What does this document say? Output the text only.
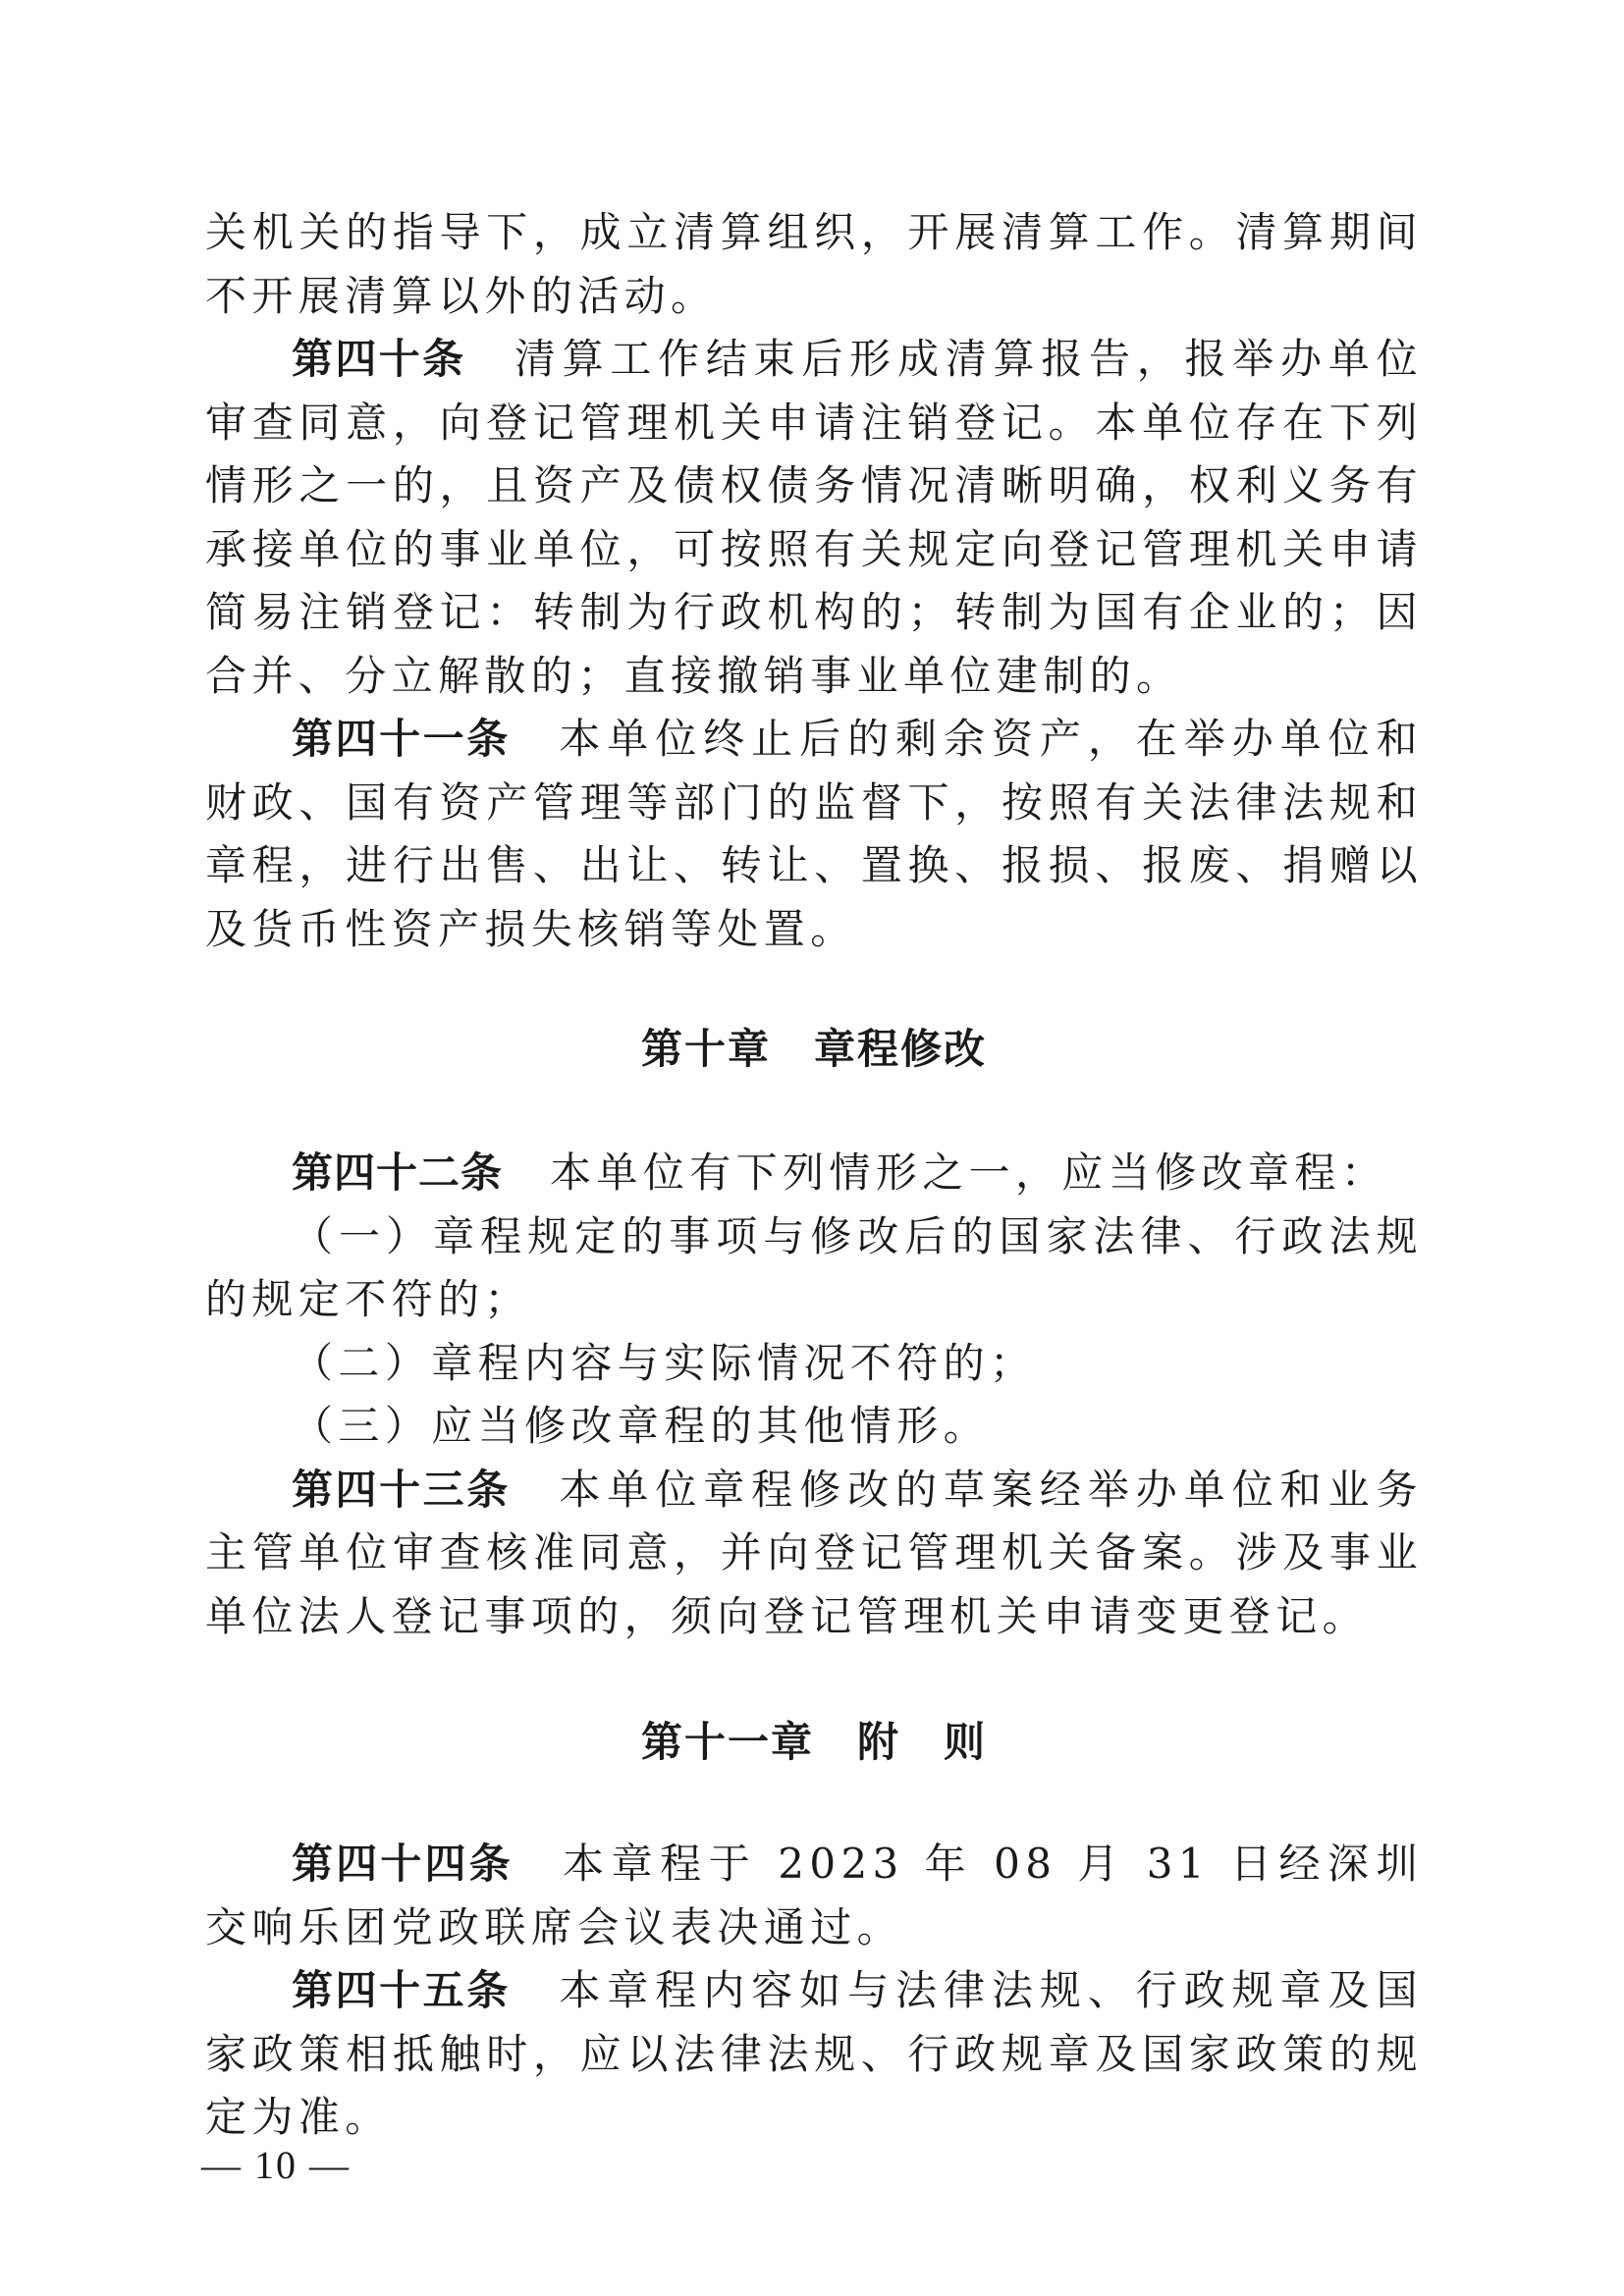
关机关的指导下，成立清算组织，开展清算工作。清算期间不开展清算以外的活动。

第四十条 清算工作结束后形成清算报告，报举办单位审查同意，向登记管理机关申请注销登记。本单位存在下列情形之一的，且资产及债权债务情况清晰明确，权利义务有承接单位的事业单位，可按照有关规定向登记管理机关申请简易注销登记：转制为行政机构的；转制为国有企业的；因合并、分立解散的；直接撤销事业单位建制的。

第四十一条 本单位终止后的剩余资产，在举办单位和财政、国有资产管理等部门的监督下，按照有关法律法规和章程，进行出售、出让、转让、置换、报损、报废、捐赠以及货币性资产损失核销等处置。

第十章　章程修改

第四十二条 本单位有下列情形之一，应当修改章程：

（一）章程规定的事项与修改后的国家法律、行政法规的规定不符的；

（二）章程内容与实际情况不符的；

（三）应当修改章程的其他情形。

第四十三条 本单位章程修改的草案经举办单位和业务主管单位审查核准同意，并向登记管理机关备案。涉及事业单位法人登记事项的，须向登记管理机关申请变更登记。

第十一章　附　则

第四十四条 本章程于 2023 年 08 月 31 日经深圳交响乐团党政联席会议表决通过。

第四十五条 本章程内容如与法律法规、行政规章及国家政策相抵触时，应以法律法规、行政规章及国家政策的规定为准。

— 10 —
